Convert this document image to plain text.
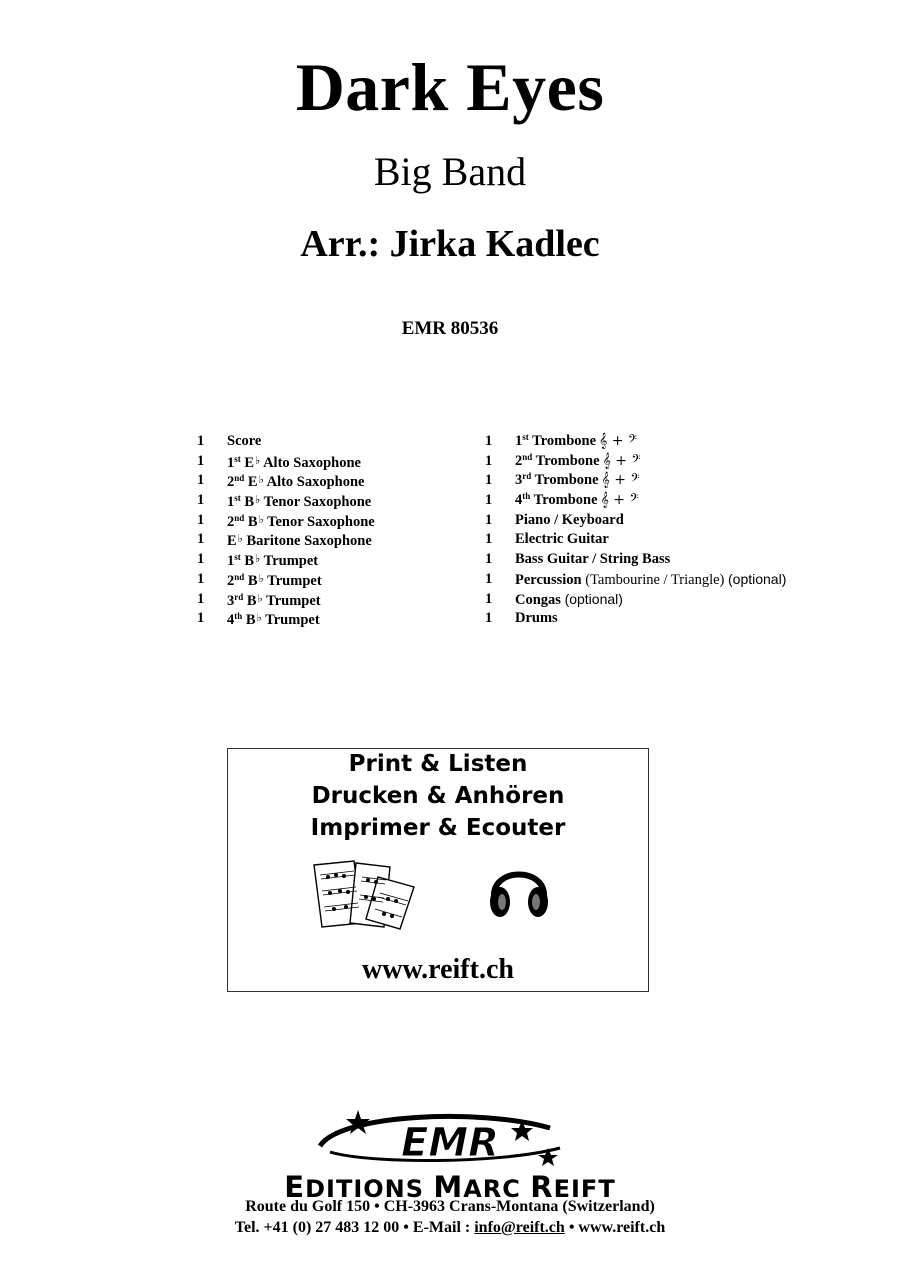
Dark Eyes
Big Band
Arr.: Jirka Kadlec
EMR 80536
1 Score
1 1st E♭ Alto Saxophone
1 2nd E♭ Alto Saxophone
1 1st B♭ Tenor Saxophone
1 2nd B♭ Tenor Saxophone
1 E♭ Baritone Saxophone
1 1st B♭ Trumpet
1 2nd B♭ Trumpet
1 3rd B♭ Trumpet
1 4th B♭ Trumpet
1 1st Trombone 𝄞 + 𝄢
1 2nd Trombone 𝄞 + 𝄢
1 3rd Trombone 𝄞 + 𝄢
1 4th Trombone 𝄞 + 𝄢
1 Piano / Keyboard
1 Electric Guitar
1 Bass Guitar / String Bass
1 Percussion (Tambourine / Triangle) (optional)
1 Congas (optional)
1 Drums
Print & Listen
Drucken & Anhören
Imprimer & Ecouter
www.reift.ch
EMR
EDITIONS MARC REIFT
Route du Golf 150 • CH-3963 Crans-Montana (Switzerland)
Tel. +41 (0) 27 483 12 00 • E-Mail : info@reift.ch • www.reift.ch
